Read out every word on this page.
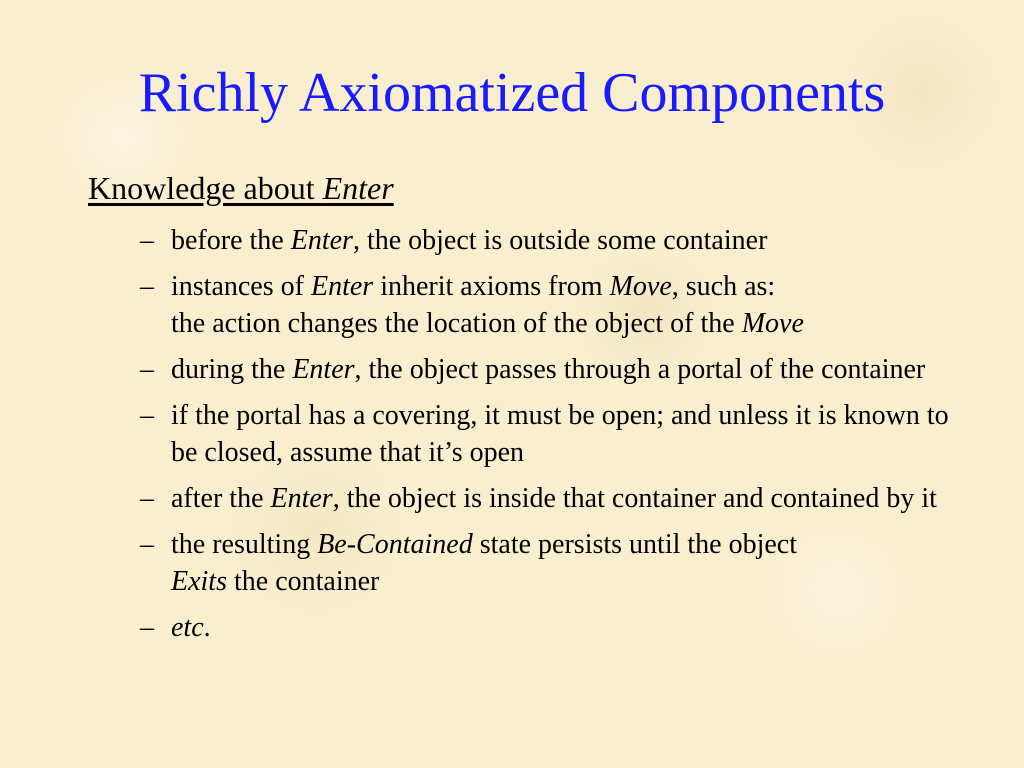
Richly Axiomatized Components
Knowledge about Enter
– before the Enter, the object is outside some container
– instances of Enter inherit axioms from Move, such as:
the action changes the location of the object of the Move
– during the Enter, the object passes through a portal of the container
– if the portal has a covering, it must be open; and unless it is known to be closed, assume that it’s open
– after the Enter, the object is inside that container and contained by it
– the resulting Be-Contained state persists until the object
Exits the container
– etc.
